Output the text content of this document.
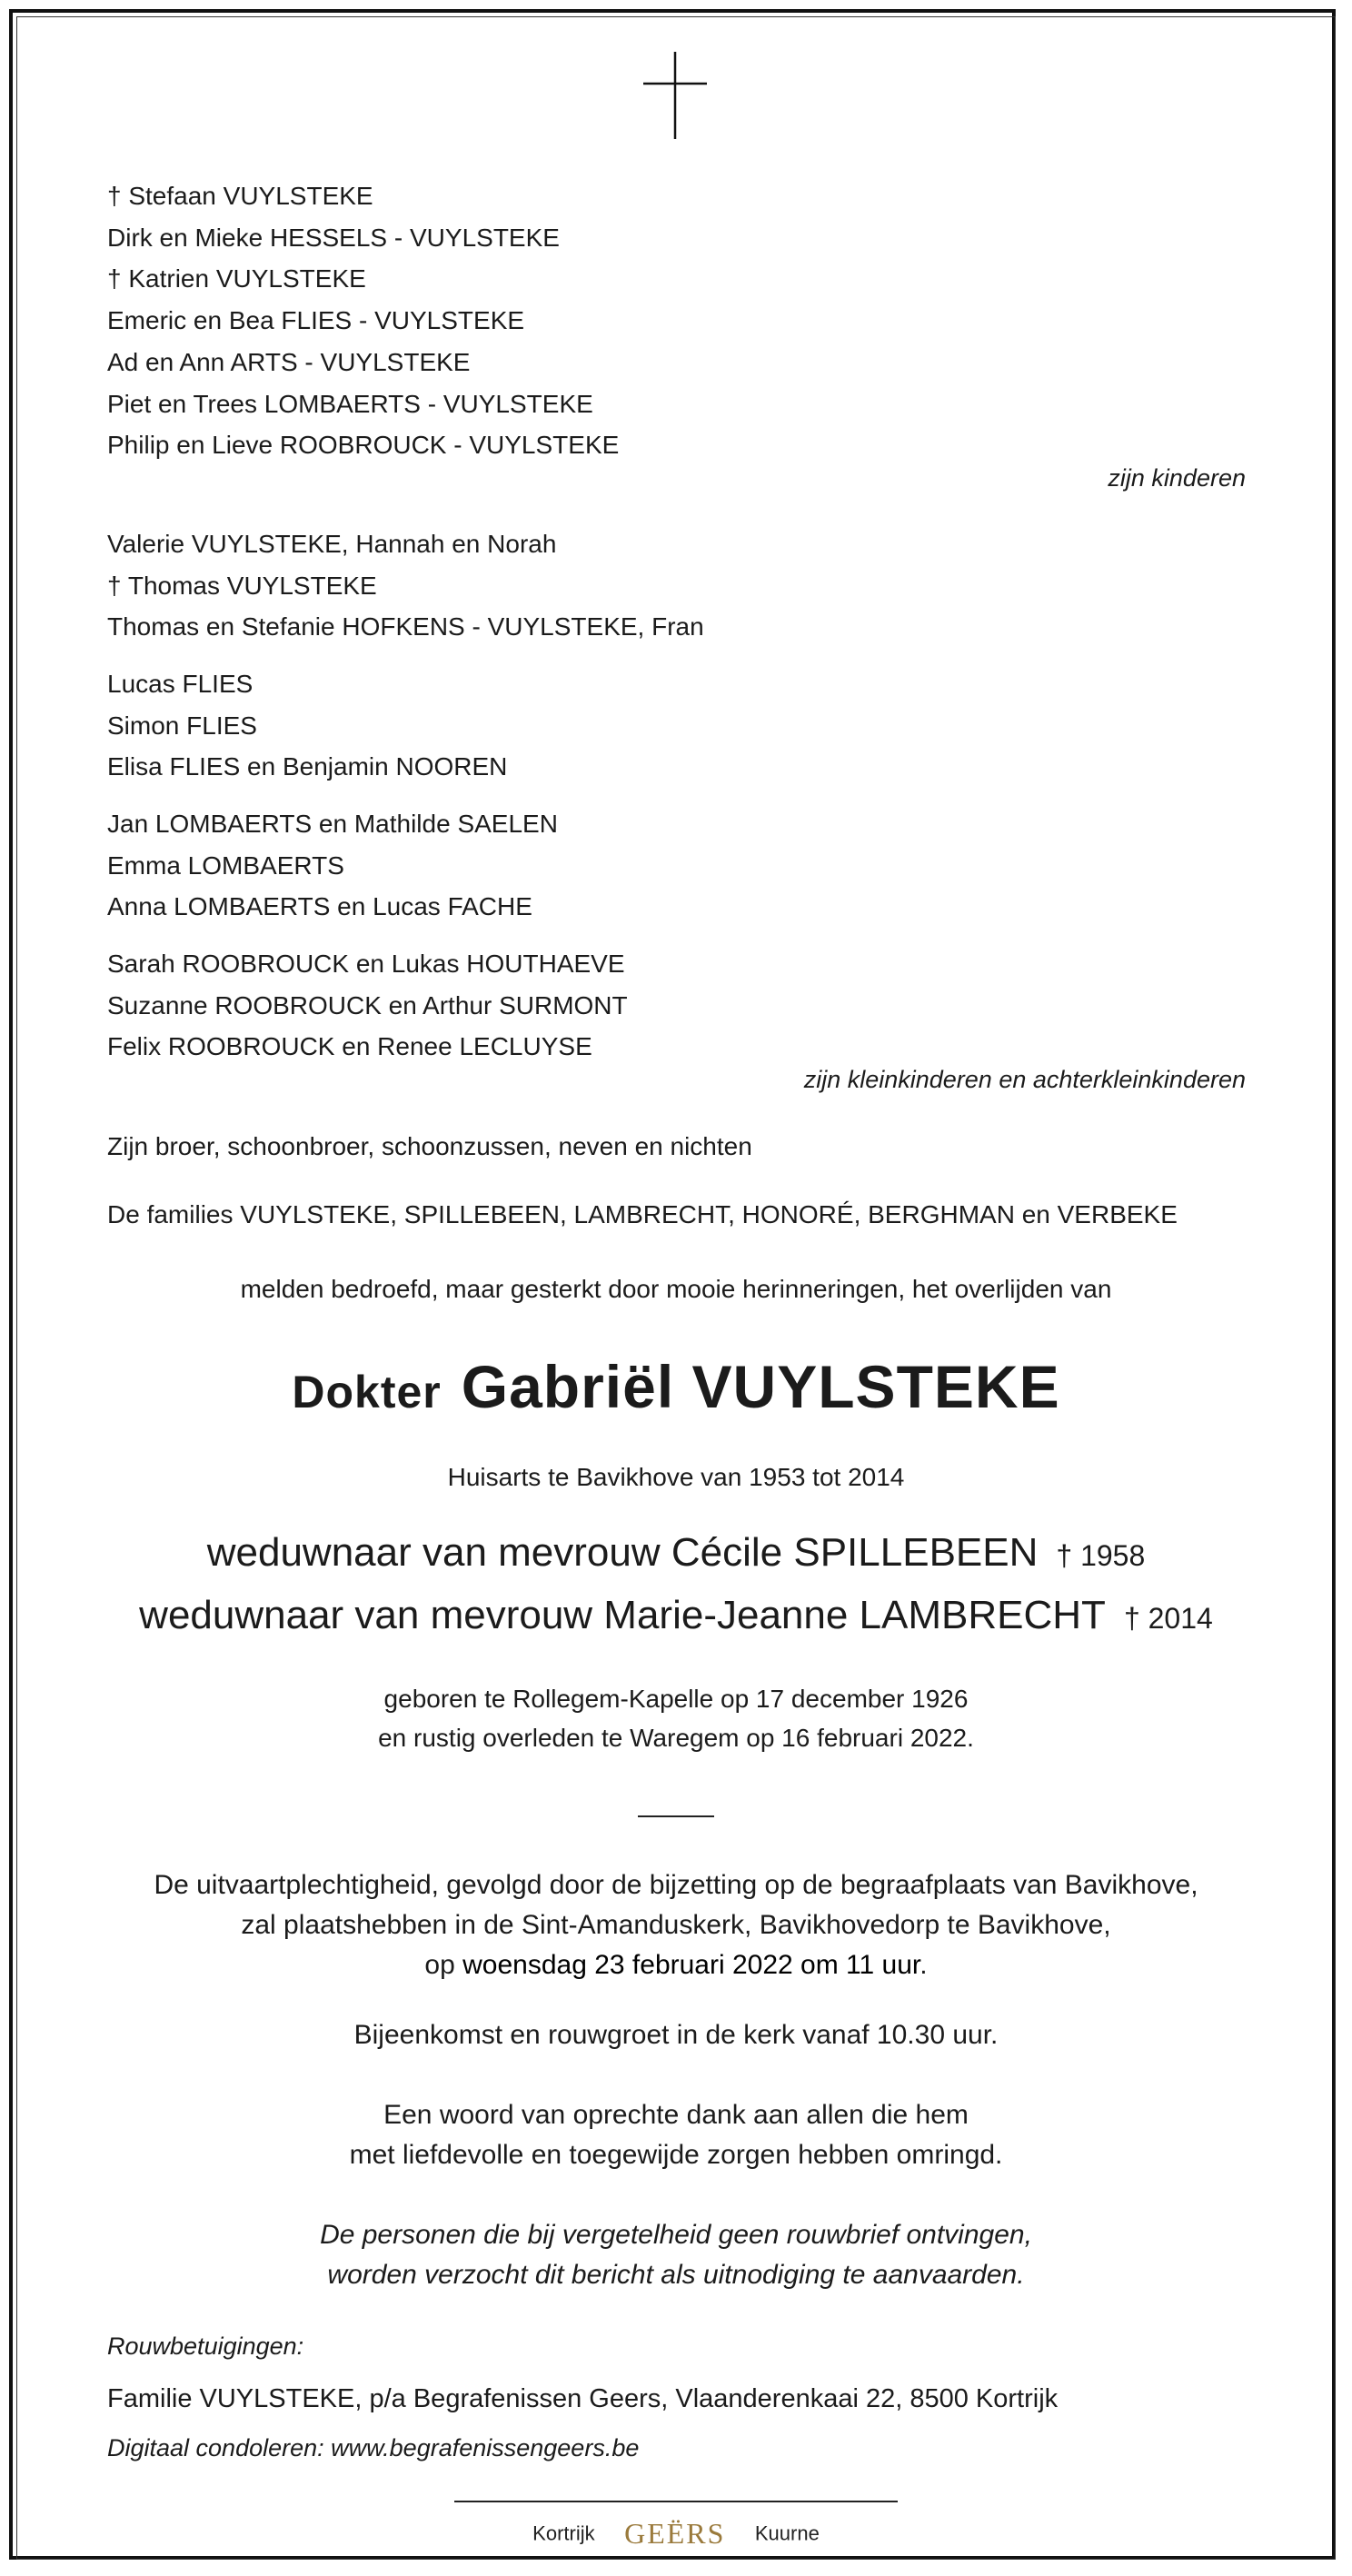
† Stefaan VUYLSTEKE
Dirk en Mieke HESSELS - VUYLSTEKE
† Katrien VUYLSTEKE
Emeric en Bea FLIES - VUYLSTEKE
Ad en Ann ARTS - VUYLSTEKE
Piet en Trees LOMBAERTS - VUYLSTEKE
Philip en Lieve ROOBROUCK - VUYLSTEKE
zijn kinderen
Valerie VUYLSTEKE, Hannah en Norah
† Thomas VUYLSTEKE
Thomas en Stefanie HOFKENS - VUYLSTEKE, Fran
Lucas FLIES
Simon FLIES
Elisa FLIES en Benjamin NOOREN
Jan LOMBAERTS en Mathilde SAELEN
Emma LOMBAERTS
Anna LOMBAERTS en Lucas FACHE
Sarah ROOBROUCK en Lukas HOUTHAEVE
Suzanne ROOBROUCK en Arthur SURMONT
Felix ROOBROUCK en Renee LECLUYSE
zijn kleinkinderen en achterkleinkinderen
Zijn broer, schoonbroer, schoonzussen, neven en nichten
De families VUYLSTEKE, SPILLEBEEN, LAMBRECHT, HONORÉ, BERGHMAN en VERBEKE
melden bedroefd, maar gesterkt door mooie herinneringen, het overlijden van
Dokter Gabriël VUYLSTEKE
Huisarts te Bavikhove van 1953 tot 2014
weduwnaar van mevrouw Cécile SPILLEBEEN † 1958
weduwnaar van mevrouw Marie-Jeanne LAMBRECHT † 2014
geboren te Rollegem-Kapelle op 17 december 1926
en rustig overleden te Waregem op 16 februari 2022.
De uitvaartplechtigheid, gevolgd door de bijzetting op de begraafplaats van Bavikhove,
zal plaatshebben in de Sint-Amanduskerk, Bavikhovedorp te Bavikhove,
op woensdag 23 februari 2022 om 11 uur.
Bijeenkomst en rouwgroet in de kerk vanaf 10.30 uur.
Een woord van oprechte dank aan allen die hem
met liefdevolle en toegewijde zorgen hebben omringd.
De personen die bij vergetelheid geen rouwbrief ontvingen,
worden verzocht dit bericht als uitnodiging te aanvaarden.
Rouwbetuigingen:
Familie VUYLSTEKE, p/a Begrafenissen Geers, Vlaanderenkaai 22, 8500 Kortrijk
Digitaal condoleren: www.begrafenissengeers.be
Kortrijk GEËRS Kuurne
